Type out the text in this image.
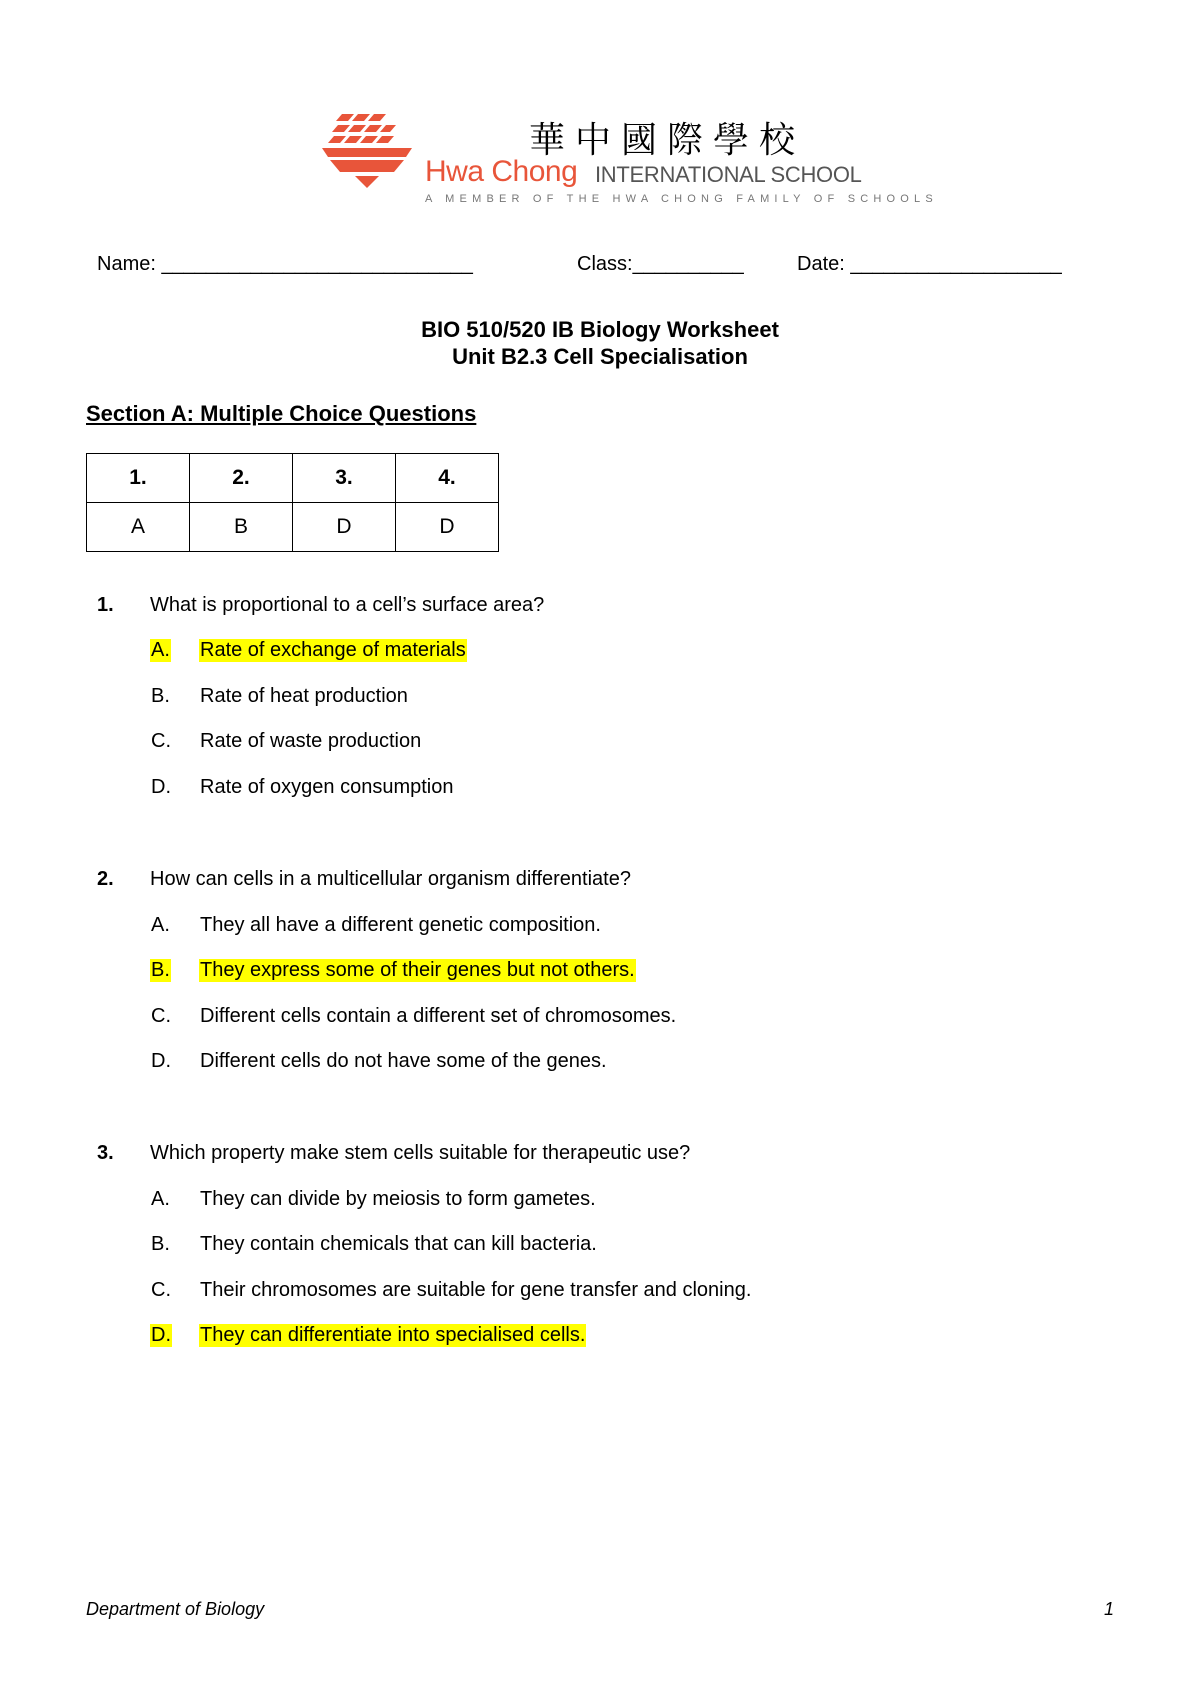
華中國際學校
Hwa Chong INTERNATIONAL SCHOOL
A MEMBER OF THE HWA CHONG FAMILY OF SCHOOLS
Name: ____________________________	Class:__________	Date: ___________________
BIO 510/520 IB Biology Worksheet
Unit B2.3 Cell Specialisation
Section A: Multiple Choice Questions
1.	2.	3.	4.
A	B	D	D
1. What is proportional to a cell’s surface area?
A. Rate of exchange of materials
B. Rate of heat production
C. Rate of waste production
D. Rate of oxygen consumption
2. How can cells in a multicellular organism differentiate?
A. They all have a different genetic composition.
B. They express some of their genes but not others.
C. Different cells contain a different set of chromosomes.
D. Different cells do not have some of the genes.
3. Which property make stem cells suitable for therapeutic use?
A. They can divide by meiosis to form gametes.
B. They contain chemicals that can kill bacteria.
C. Their chromosomes are suitable for gene transfer and cloning.
D. They can differentiate into specialised cells.
Department of Biology	1
